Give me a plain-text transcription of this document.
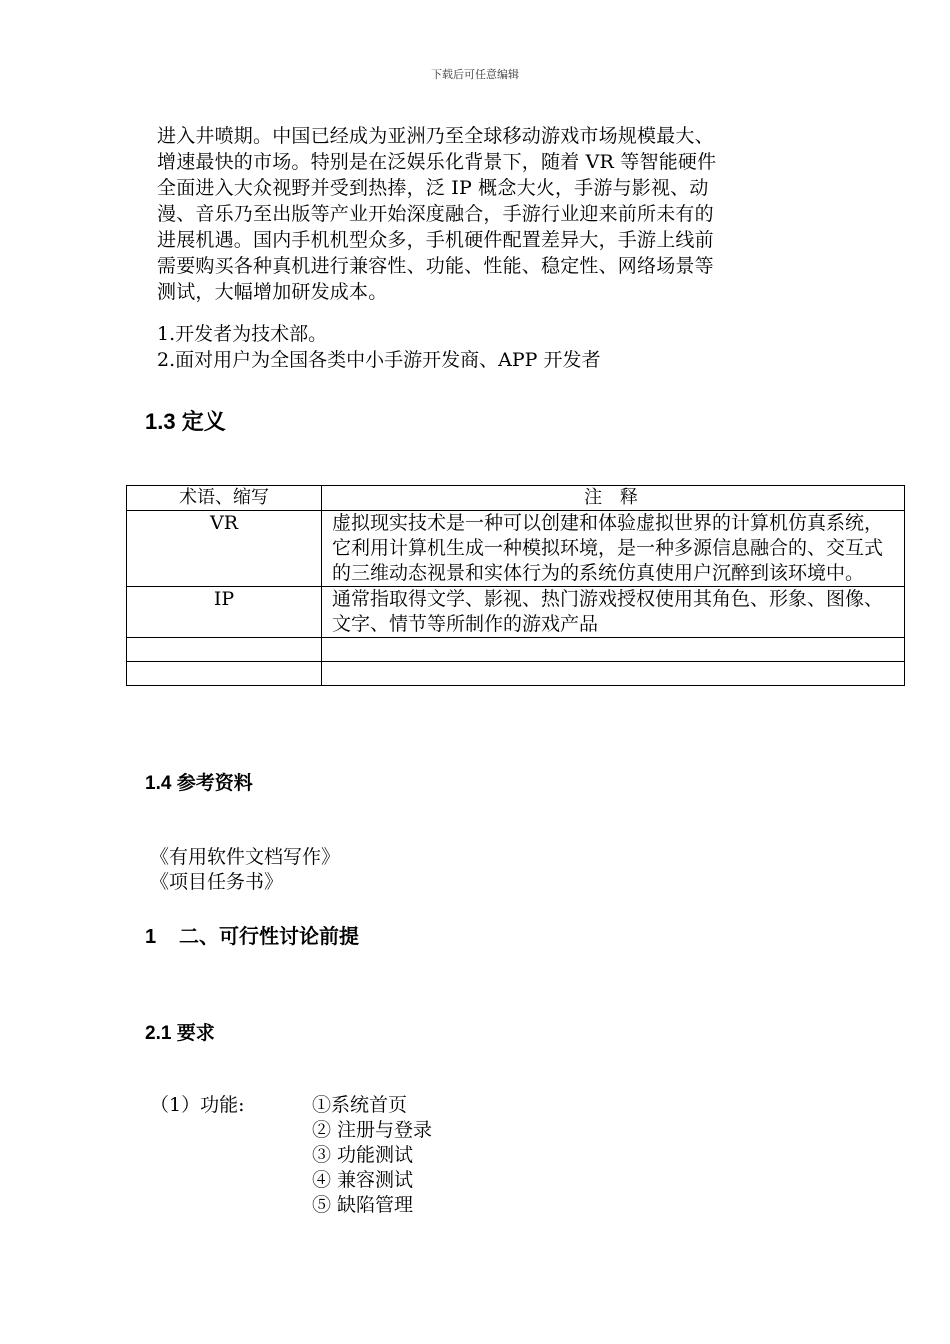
下载后可任意编辑

进入井喷期。中国已经成为亚洲乃至全球移动游戏市场规模最大、

增速最快的市场。特别是在泛娱乐化背景下，随着 VR 等智能硬件

全面进入大众视野并受到热捧，泛 IP 概念大火，手游与影视、动

漫、音乐乃至出版等产业开始深度融合，手游行业迎来前所未有的

进展机遇。国内手机机型众多，手机硬件配置差异大，手游上线前

需要购买各种真机进行兼容性、功能、性能、稳定性、网络场景等

测试，大幅增加研发成本。

1.开发者为技术部。

2.面对用户为全国各类中小手游开发商、APP 开发者

1.3 定义
术语、缩写	注 释
VR	虚拟现实技术是一种可以创建和体验虚拟世界的计算机仿真系统，它利用计算机生成一种模拟环境，是一种多源信息融合的、交互式的三维动态视景和实体行为的系统仿真使用户沉醉到该环境中。
IP	通常指取得文学、影视、热门游戏授权使用其角色、形象、图像、文字、情节等所制作的游戏产品

1.4 参考资料

《有用软件文档写作》

《项目任务书》

1 二、可行性讨论前提
2.1 要求
（1）功能:	①系统首页

② 注册与登录

③ 功能测试

④ 兼容测试

⑤ 缺陷管理
